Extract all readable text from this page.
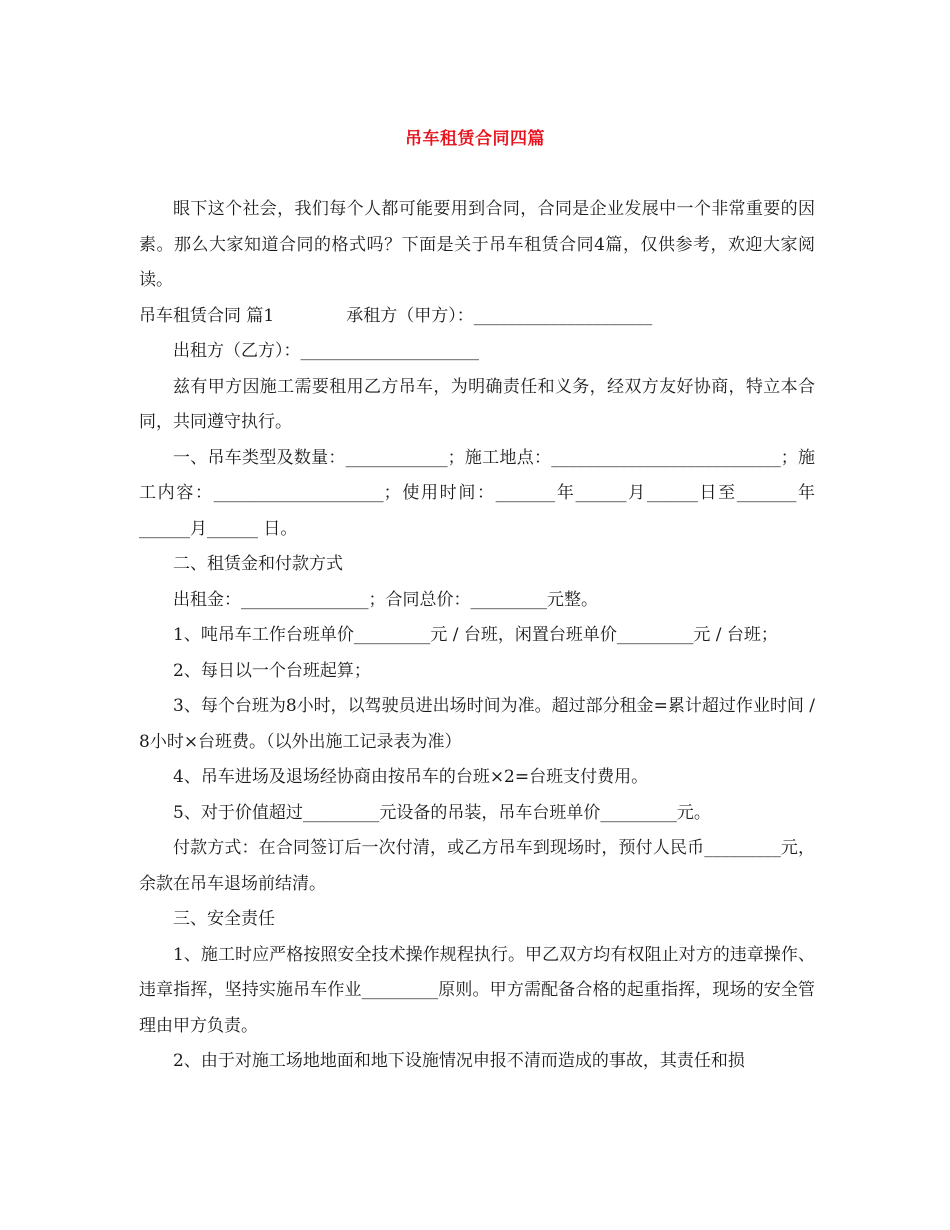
吊车租赁合同四篇

眼下这个社会，我们每个人都可能要用到合同，合同是企业发展中一个非常重要的因素。那么大家知道合同的格式吗？下面是关于吊车租赁合同4篇，仅供参考，欢迎大家阅读。

吊车租赁合同 篇1	承租方（甲方）：_____________________

出租方（乙方）：_____________________

兹有甲方因施工需要租用乙方吊车，为明确责任和义务，经双方友好协商，特立本合同，共同遵守执行。

一、吊车类型及数量：____________；施工地点：___________________________；施工内容：____________________；使用时间：_______年______月______日至_______年______月______ 日。

二、租赁金和付款方式

出租金：_______________；合同总价：_________元整。

1、吨吊车工作台班单价_________元 / 台班，闲置台班单价_________元 / 台班；

2、每日以一个台班起算；

3、每个台班为8小时，以驾驶员进出场时间为准。超过部分租金=累计超过作业时间 / 8小时×台班费。（以外出施工记录表为准）

4、吊车进场及退场经协商由按吊车的台班×2=台班支付费用。

5、对于价值超过_________元设备的吊装，吊车台班单价_________元。

付款方式：在合同签订后一次付清，或乙方吊车到现场时，预付人民币_________元，余款在吊车退场前结清。

三、安全责任

1、施工时应严格按照安全技术操作规程执行。甲乙双方均有权阻止对方的违章操作、违章指挥，坚持实施吊车作业_________原则。甲方需配备合格的起重指挥，现场的安全管理由甲方负责。

2、由于对施工场地地面和地下设施情况申报不清而造成的事故，其责任和损
